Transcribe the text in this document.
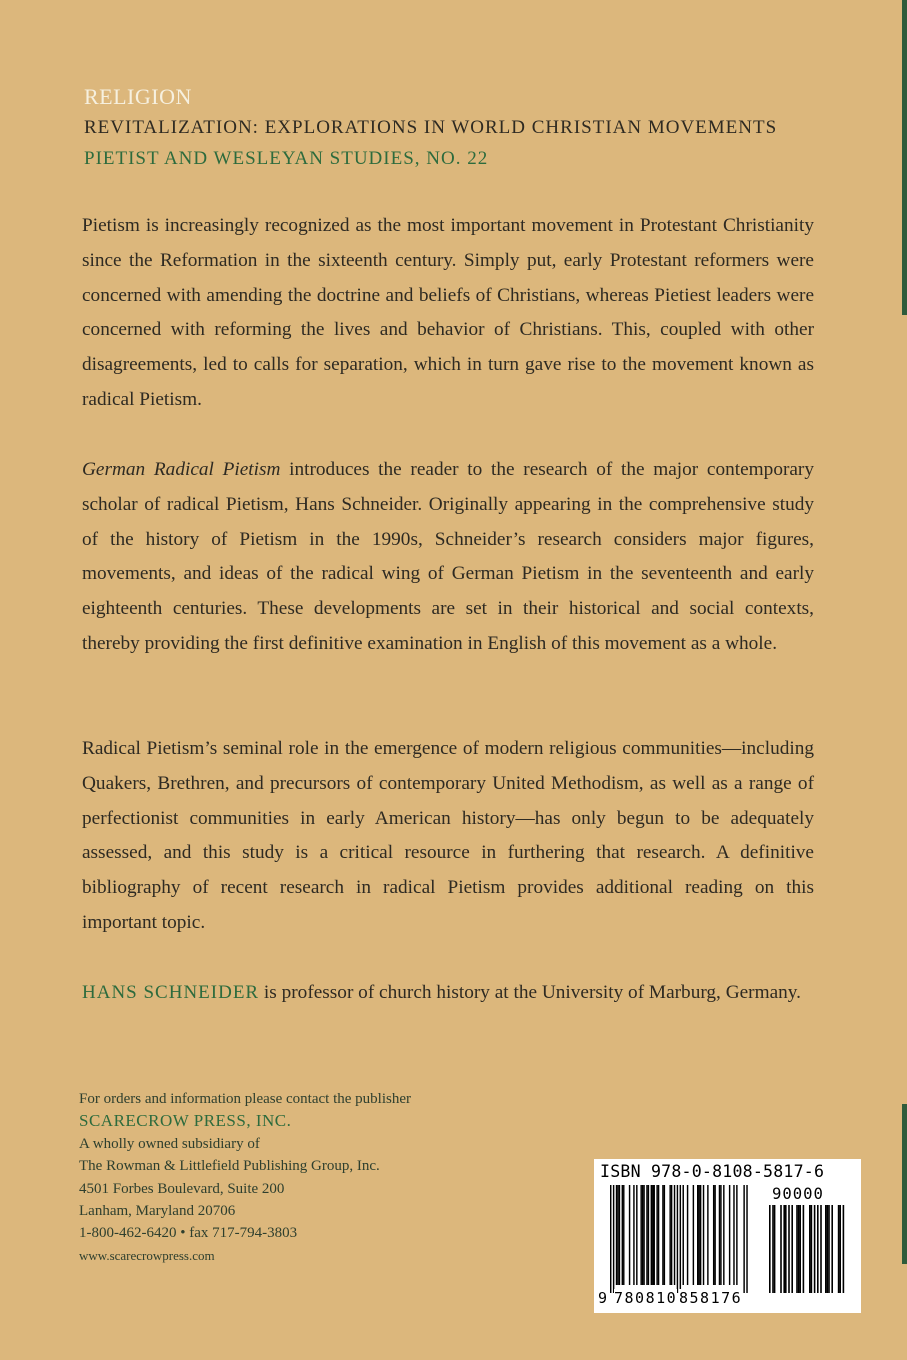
RELIGION
REVITALIZATION: EXPLORATIONS IN WORLD CHRISTIAN MOVEMENTS
PIETIST AND WESLEYAN STUDIES, NO. 22

Pietism is increasingly recognized as the most important movement in Protestant Christianity since the Reformation in the sixteenth century. Simply put, early Protestant reformers were concerned with amending the doctrine and beliefs of Christians, whereas Pietiest leaders were concerned with reforming the lives and behavior of Christians. This, coupled with other disagreements, led to calls for separation, which in turn gave rise to the movement known as radical Pietism.

German Radical Pietism introduces the reader to the research of the major contemporary scholar of radical Pietism, Hans Schneider. Originally appearing in the comprehensive study of the history of Pietism in the 1990s, Schneider’s research considers major figures, movements, and ideas of the radical wing of German Pietism in the seventeenth and early eighteenth centuries. These developments are set in their historical and social contexts, thereby providing the first definitive examination in English of this movement as a whole.

Radical Pietism’s seminal role in the emergence of modern religious communities—including Quakers, Brethren, and precursors of contemporary United Methodism, as well as a range of perfectionist communities in early American history—has only begun to be adequately assessed, and this study is a critical resource in furthering that research. A definitive bibliography of recent research in radical Pietism provides additional reading on this important topic.

HANS SCHNEIDER is professor of church history at the University of Marburg, Germany.

For orders and information please contact the publisher
SCARECROW PRESS, INC.
A wholly owned subsidiary of
The Rowman & Littlefield Publishing Group, Inc.
4501 Forbes Boulevard, Suite 200
Lanham, Maryland 20706
1-800-462-6420 • fax 717-794-3803
www.scarecrowpress.com
ISBN 978-0-8108-5817-6
90000
9 780810 858176
